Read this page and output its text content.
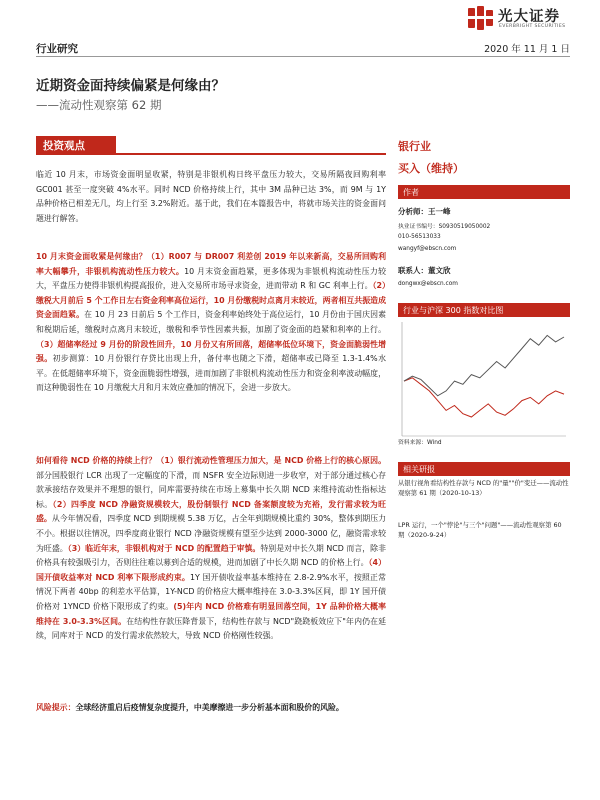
光大证券
EVERBRIGHT SECURITIES
行业研究	2020 年 11 月 1 日
近期资金面持续偏紧是何缘由？
——流动性观察第 62 期
投资观点
临近 10 月末，市场资金面明显收紧，特别是非银机构日终平盘压力较大，交易所隔夜回购利率 GC001 甚至一度突破 4%水平。同时 NCD 价格持续上行，其中 3M 品种已达 3%，而 9M 与 1Y 品种价格已相差无几，均上行至 3.2%附近。基于此，我们在本篇报告中，将就市场关注的资金面问题进行解答。
10 月末资金面收紧是何缘由？（1）R007 与 DR007 利差创 2019 年以来新高，交易所回购利率大幅攀升，非银机构流动性压力较大。10 月末资金面趋紧，更多体现为非银机构流动性压力较大，平盘压力使得非银机构提高报价，进入交易所市场寻求资金，进而带动 R 和 GC 利率上行。（2）缴税大月前后 5 个工作日左右资金利率高位运行，10 月份缴税时点离月末较近，两者相互共振造成资金面趋紧。在 10 月 23 日前后 5 个工作日，资金利率始终处于高位运行，10 月份由于国庆因素和税期后延，缴税时点离月末较近，缴税和季节性因素共振，加剧了资金面的趋紧和利率的上行。（3）超储率经过 9 月份的阶段性回升，10 月份又有所回落，超储率低位环境下，资金面脆弱性增强。初步测算：10 月份银行存贷比出现上升，备付率也随之下滑，超储率或已降至 1.3-1.4%水平。在低超储率环境下，资金面脆弱性增强，进而加剧了非银机构流动性压力和资金利率波动幅度，而这种脆弱性在 10 月缴税大月和月末效应叠加的情况下，会进一步放大。
如何看待 NCD 价格的持续上行？（1）银行流动性管理压力加大，是 NCD 价格上行的核心原因。部分国股银行 LCR 出现了一定幅度的下滑，而 NSFR 安全边际则进一步收窄，对于部分通过核心存款承接结存效果并不理想的银行，同库需要持续在市场上募集中长久期 NCD 来维持流动性指标达标。（2）四季度 NCD 净融资规模较大，股份制银行 NCD 备案额度较为充裕，发行需求较为旺盛。从今年情况看，四季度 NCD 到期规模 5.38 万亿，占全年到期规模比重约 30%，整体到期压力不小。根据以往情况，四季度商业银行 NCD 净融资规模有望至少达到 2000-3000 亿，融资需求较为旺盛。（3）临近年末，非银机构对于 NCD 的配置趋于审慎。特别是对中长久期 NCD 而言，除非价格具有较强吸引力，否则往往难以募到合适的规模，进而加剧了中长久期 NCD 的价格上行。（4）国开债收益率对 NCD 利率下限形成约束。1Y 国开债收益率基本维持在 2.8-2.9%水平，按照正常情况下两者 40bp 的利差水平估算，1Y-NCD 的价格应大概率维持在 3.0-3.3%区间，即 1Y 国开债价格对 1YNCD 价格下限形成了约束。(5)年内 NCD 价格难有明显回落空间，1Y 品种价格大概率维持在 3.0-3.3%区间。在结构性存款压降背景下，结构性存款与 NCD"跷跷板效应下"年内仍在延续，同库对于 NCD 的发行需求依然较大，导致 NCD 价格刚性较强。
风险提示：全球经济重启后疫情复杂度提升，中美摩擦进一步分析基本面和股价的风险。
银行业
买入（维持）
作者
分析师：王一峰
执业证书编号：S0930519050002
010-56513033
wangyf@ebscn.com
联系人：董文欣
dongwx@ebscn.com
行业与沪深 300 指数对比图
资料来源：Wind
相关研报
从银行视角看结构性存款与 NCD 的"量""价"变迁——流动性观察第 61 期（2020-10-13）
LPR 运行，一个"悖论"与三个"问题"——流动性观察第 60 期（2020-9-24）
